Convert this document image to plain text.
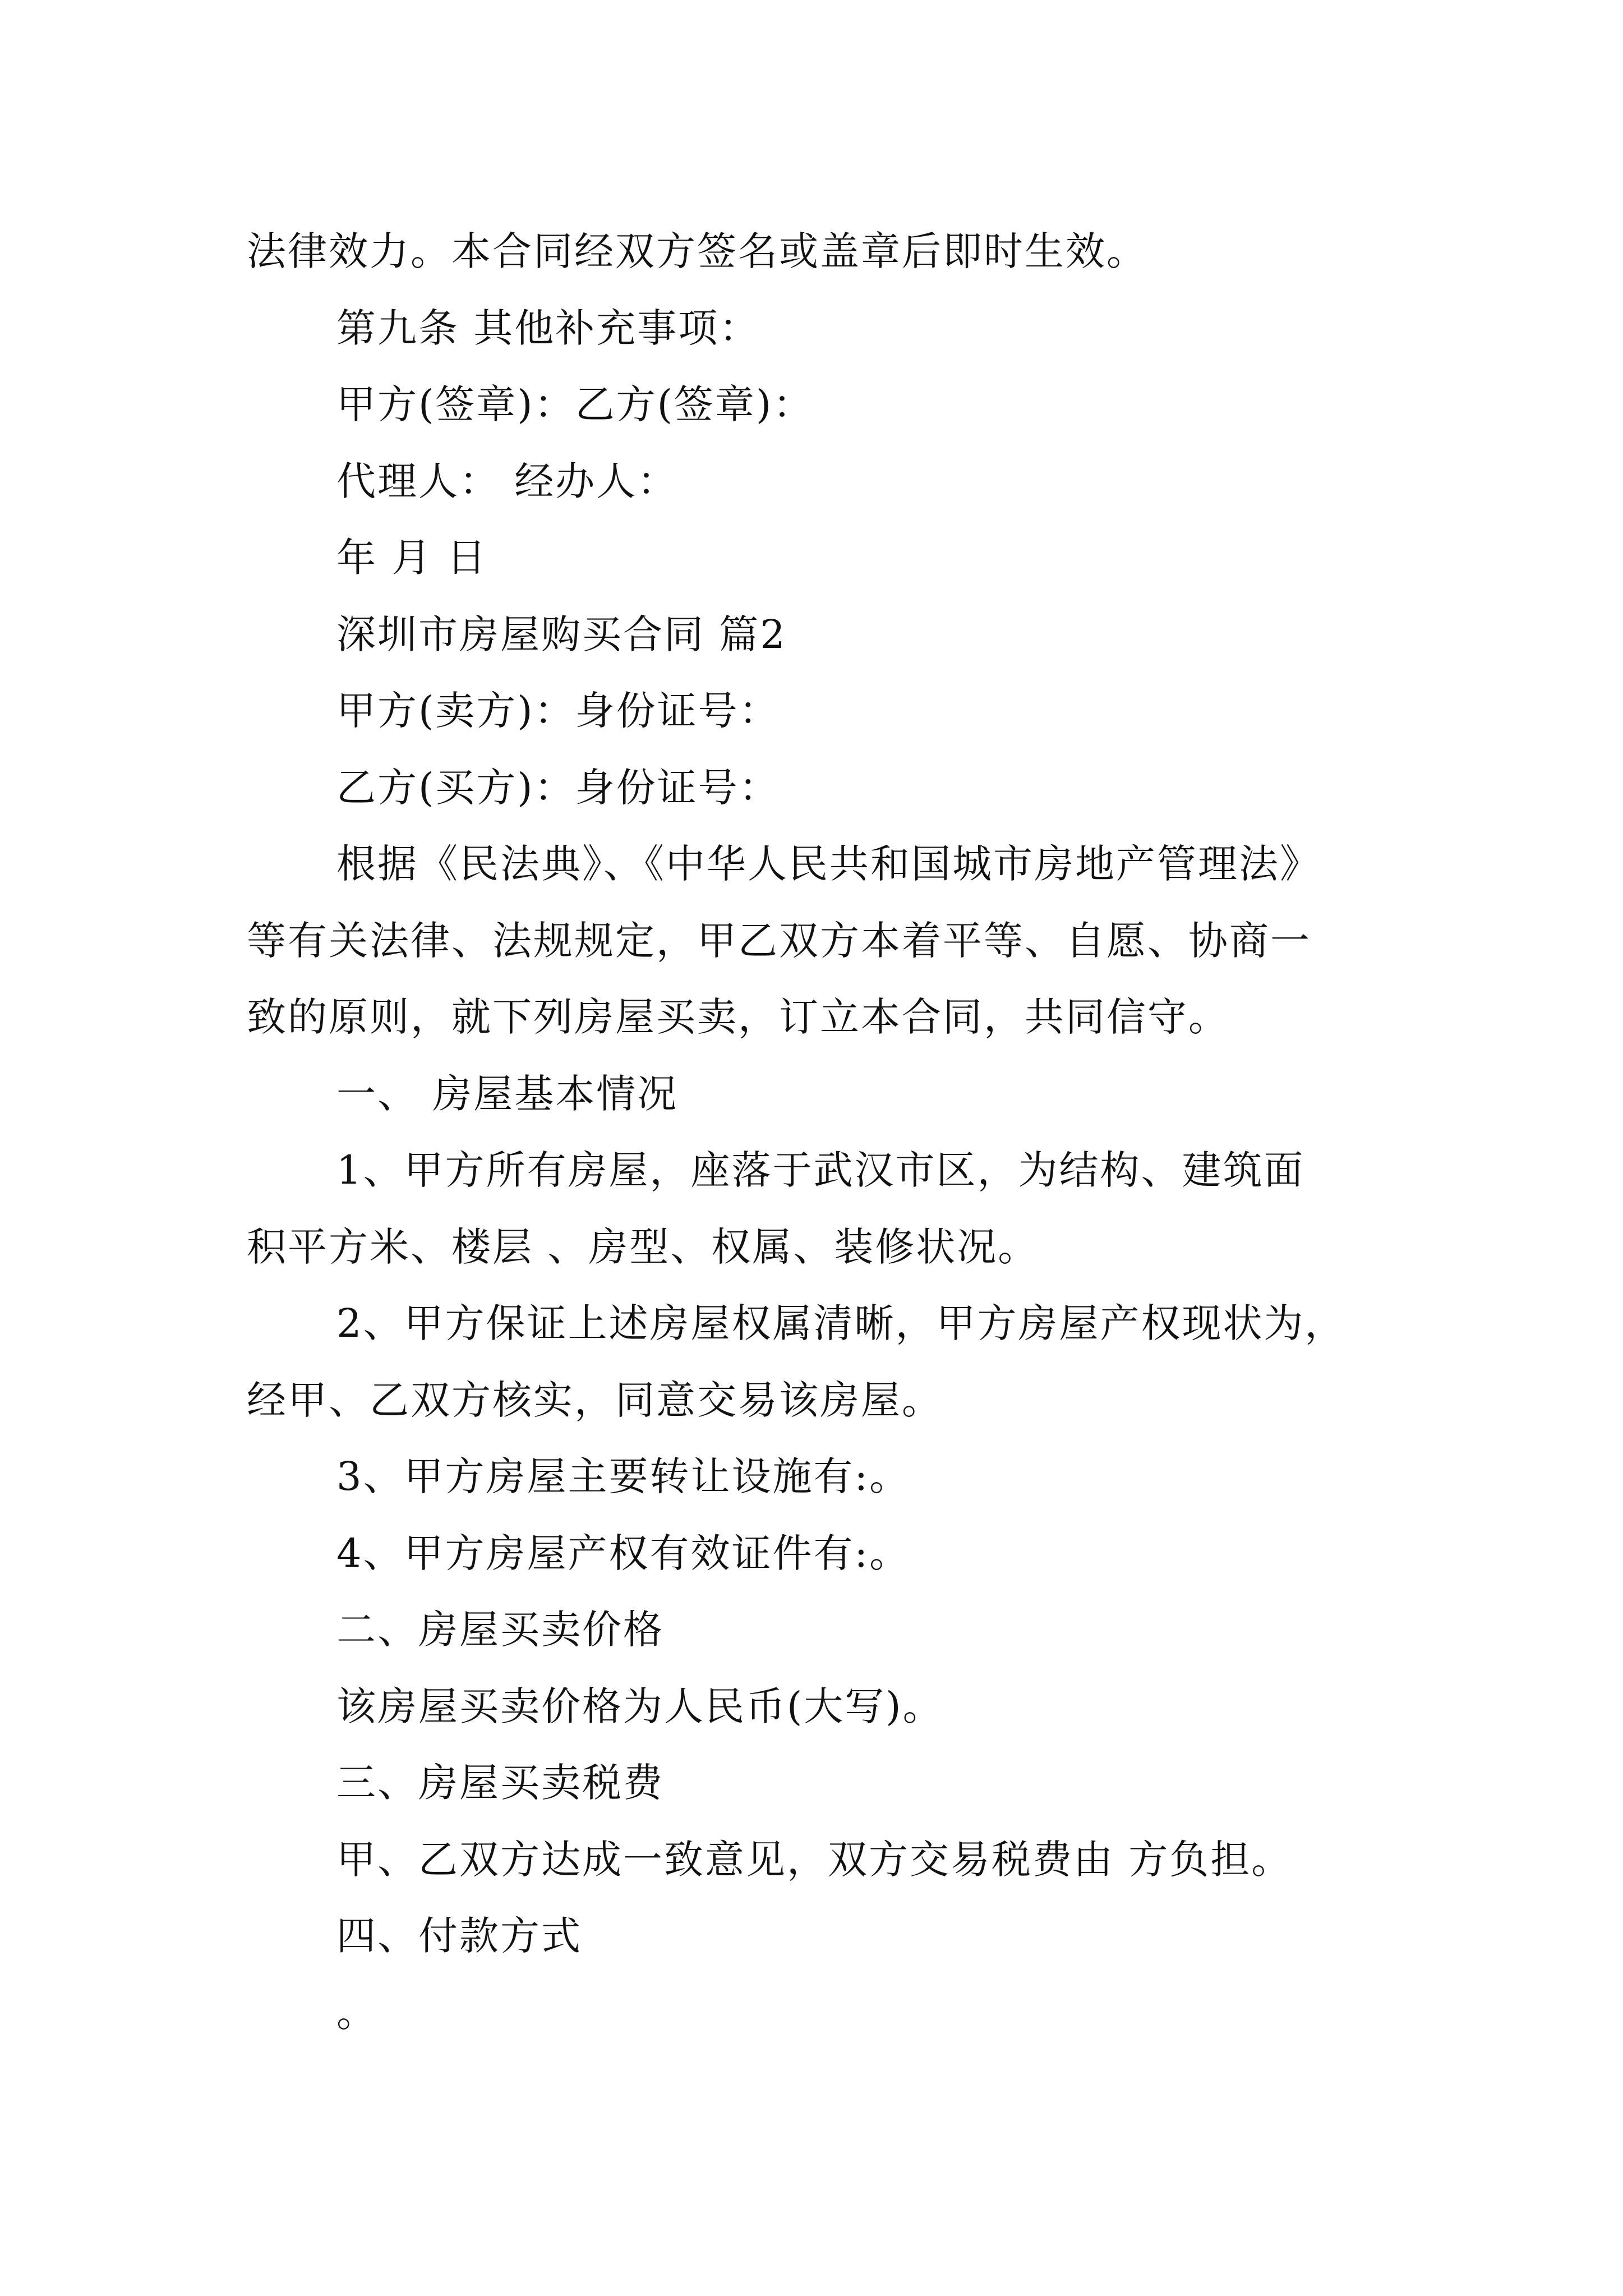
法律效力。本合同经双方签名或盖章后即时生效。
第九条 其他补充事项：
甲方(签章)：乙方(签章)：
代理人： 经办人：
年 月 日
深圳市房屋购买合同 篇2
甲方(卖方)：身份证号：
乙方(买方)：身份证号：
根据《民法典》、《中华人民共和国城市房地产管理法》
等有关法律、法规规定，甲乙双方本着平等、自愿、协商一
致的原则，就下列房屋买卖，订立本合同，共同信守。
一、 房屋基本情况
1、甲方所有房屋，座落于武汉市区，为结构、建筑面
积平方米、楼层 、房型、权属、装修状况。
2、甲方保证上述房屋权属清晰，甲方房屋产权现状为，
经甲、乙双方核实，同意交易该房屋。
3、甲方房屋主要转让设施有:。
4、甲方房屋产权有效证件有:。
二、房屋买卖价格
该房屋买卖价格为人民币(大写)。
三、房屋买卖税费
甲、乙双方达成一致意见，双方交易税费由 方负担。
四、付款方式
。
